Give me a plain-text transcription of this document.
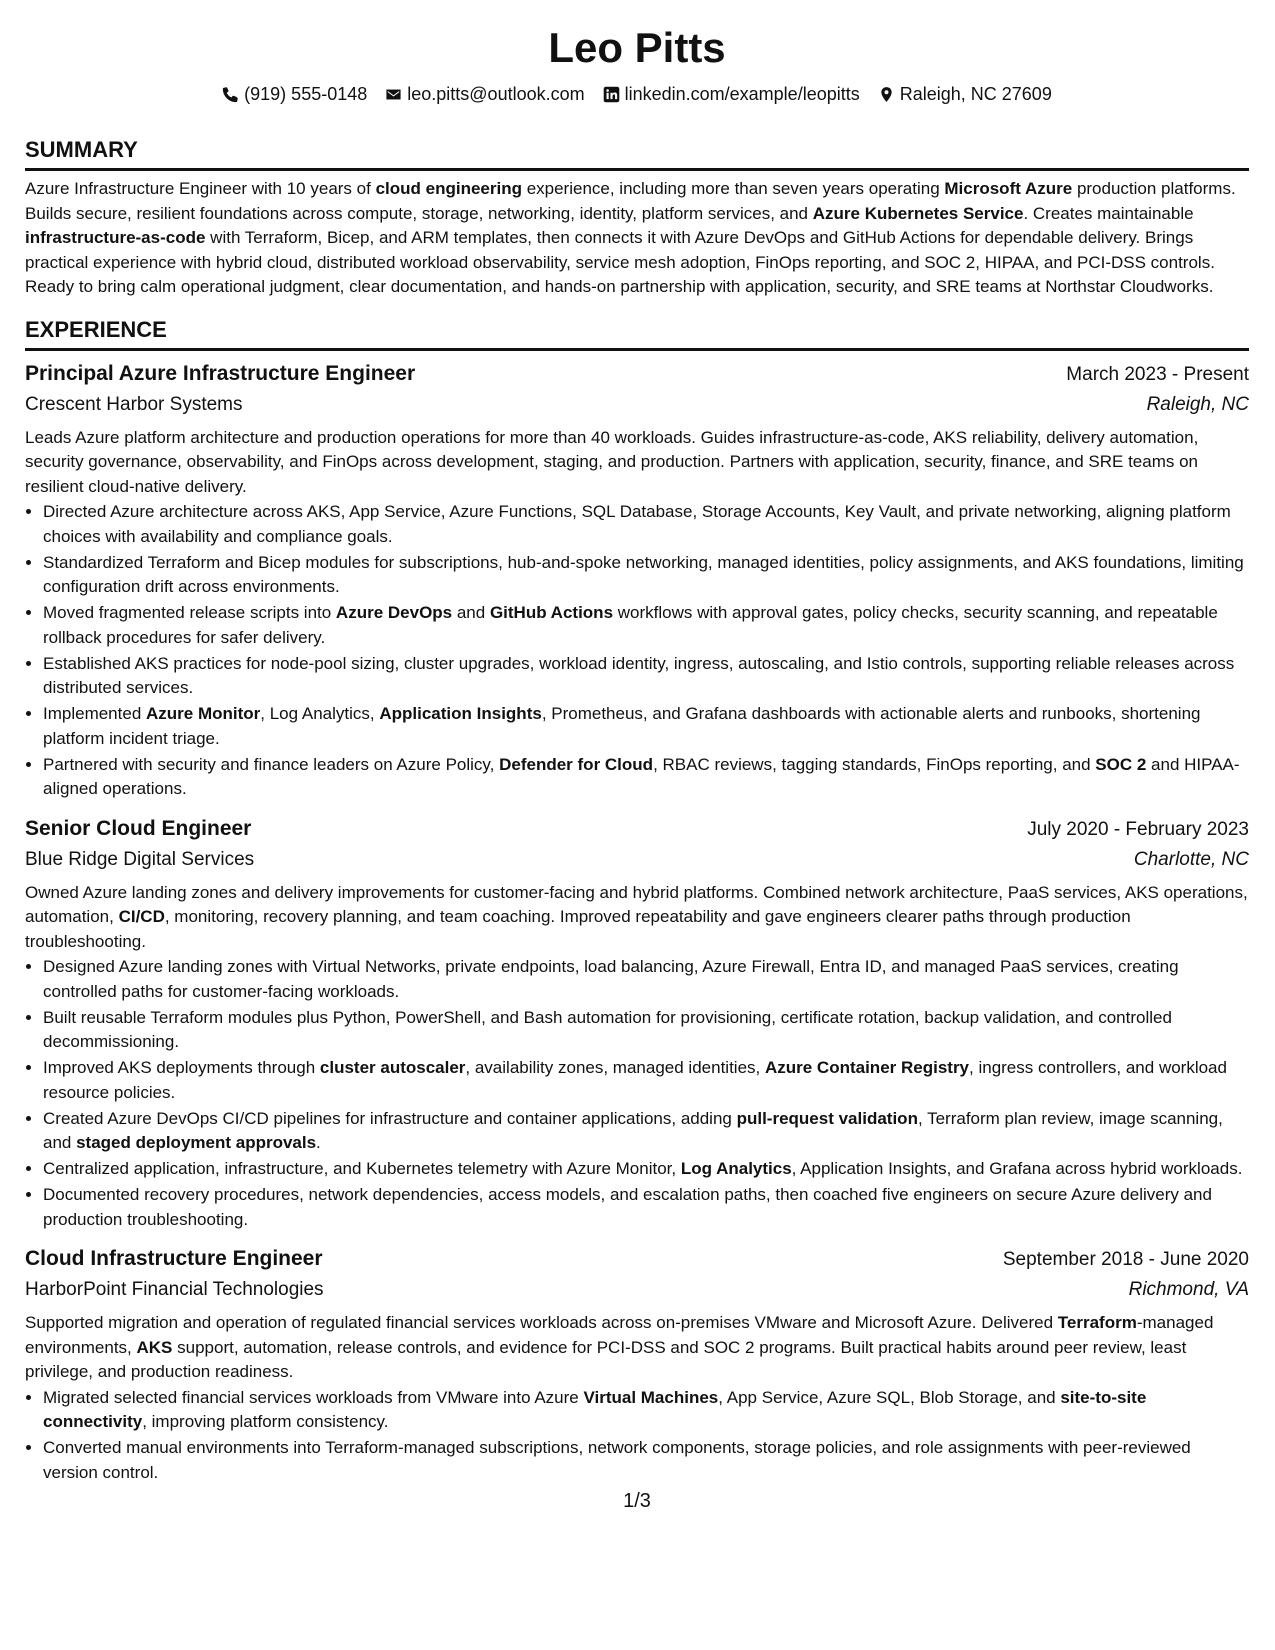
Leo Pitts
(919) 555-0148 leo.pitts@outlook.com linkedin.com/example/leopitts Raleigh, NC 27609
SUMMARY
Azure Infrastructure Engineer with 10 years of cloud engineering experience, including more than seven years operating Microsoft Azure production platforms. Builds secure, resilient foundations across compute, storage, networking, identity, platform services, and Azure Kubernetes Service. Creates maintainable infrastructure-as-code with Terraform, Bicep, and ARM templates, then connects it with Azure DevOps and GitHub Actions for dependable delivery. Brings practical experience with hybrid cloud, distributed workload observability, service mesh adoption, FinOps reporting, and SOC 2, HIPAA, and PCI-DSS controls. Ready to bring calm operational judgment, clear documentation, and hands-on partnership with application, security, and SRE teams at Northstar Cloudworks.
EXPERIENCE
Principal Azure Infrastructure Engineer	March 2023 - Present
Crescent Harbor Systems	Raleigh, NC
Leads Azure platform architecture and production operations for more than 40 workloads. Guides infrastructure-as-code, AKS reliability, delivery automation, security governance, observability, and FinOps across development, staging, and production. Partners with application, security, finance, and SRE teams on resilient cloud-native delivery.
• Directed Azure architecture across AKS, App Service, Azure Functions, SQL Database, Storage Accounts, Key Vault, and private networking, aligning platform choices with availability and compliance goals.
• Standardized Terraform and Bicep modules for subscriptions, hub-and-spoke networking, managed identities, policy assignments, and AKS foundations, limiting configuration drift across environments.
• Moved fragmented release scripts into Azure DevOps and GitHub Actions workflows with approval gates, policy checks, security scanning, and repeatable rollback procedures for safer delivery.
• Established AKS practices for node-pool sizing, cluster upgrades, workload identity, ingress, autoscaling, and Istio controls, supporting reliable releases across distributed services.
• Implemented Azure Monitor, Log Analytics, Application Insights, Prometheus, and Grafana dashboards with actionable alerts and runbooks, shortening platform incident triage.
• Partnered with security and finance leaders on Azure Policy, Defender for Cloud, RBAC reviews, tagging standards, FinOps reporting, and SOC 2 and HIPAA-aligned operations.
Senior Cloud Engineer	July 2020 - February 2023
Blue Ridge Digital Services	Charlotte, NC
Owned Azure landing zones and delivery improvements for customer-facing and hybrid platforms. Combined network architecture, PaaS services, AKS operations, automation, CI/CD, monitoring, recovery planning, and team coaching. Improved repeatability and gave engineers clearer paths through production troubleshooting.
• Designed Azure landing zones with Virtual Networks, private endpoints, load balancing, Azure Firewall, Entra ID, and managed PaaS services, creating controlled paths for customer-facing workloads.
• Built reusable Terraform modules plus Python, PowerShell, and Bash automation for provisioning, certificate rotation, backup validation, and controlled decommissioning.
• Improved AKS deployments through cluster autoscaler, availability zones, managed identities, Azure Container Registry, ingress controllers, and workload resource policies.
• Created Azure DevOps CI/CD pipelines for infrastructure and container applications, adding pull-request validation, Terraform plan review, image scanning, and staged deployment approvals.
• Centralized application, infrastructure, and Kubernetes telemetry with Azure Monitor, Log Analytics, Application Insights, and Grafana across hybrid workloads.
• Documented recovery procedures, network dependencies, access models, and escalation paths, then coached five engineers on secure Azure delivery and production troubleshooting.
Cloud Infrastructure Engineer	September 2018 - June 2020
HarborPoint Financial Technologies	Richmond, VA
Supported migration and operation of regulated financial services workloads across on-premises VMware and Microsoft Azure. Delivered Terraform-managed environments, AKS support, automation, release controls, and evidence for PCI-DSS and SOC 2 programs. Built practical habits around peer review, least privilege, and production readiness.
• Migrated selected financial services workloads from VMware into Azure Virtual Machines, App Service, Azure SQL, Blob Storage, and site-to-site connectivity, improving platform consistency.
• Converted manual environments into Terraform-managed subscriptions, network components, storage policies, and role assignments with peer-reviewed version control.
1/3
